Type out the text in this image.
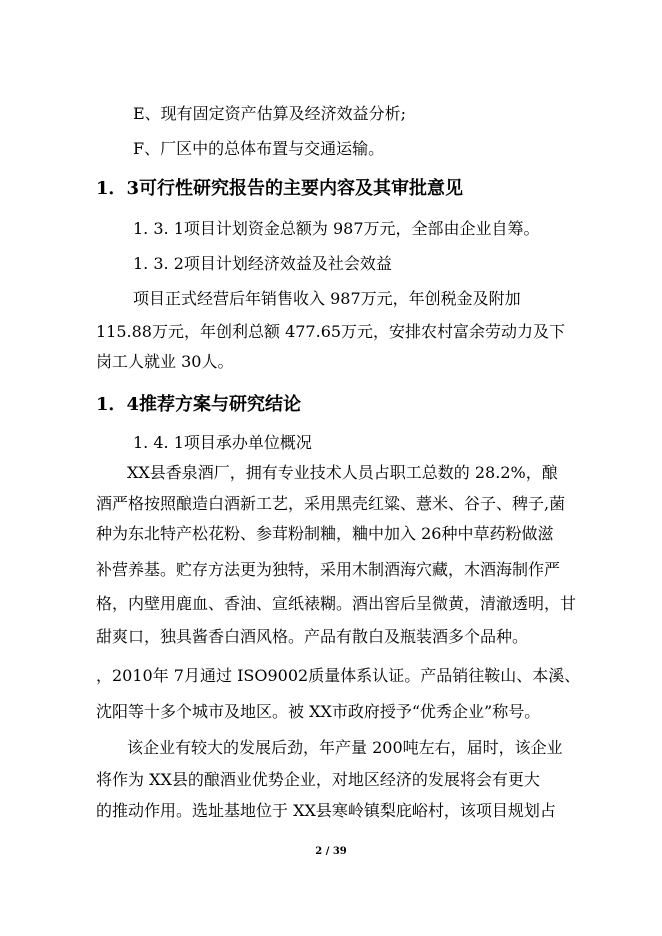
E、现有固定资产估算及经济效益分析;
F、厂区中的总体布置与交通运输。
1．3可行性研究报告的主要内容及其审批意见
1. 3. 1项目计划资金总额为 987万元，全部由企业自筹。
1. 3. 2项目计划经济效益及社会效益
项目正式经营后年销售收入 987万元，年创税金及附加
115.88万元，年创利总额 477.65万元，安排农村富余劳动力及下
岗工人就业 30人。
1．4推荐方案与研究结论
1. 4. 1项目承办单位概况
XX县香泉酒厂，拥有专业技术人员占职工总数的 28.2%，酿
酒严格按照酿造白酒新工艺，采用黑壳红粱、薏米、谷子、稗子,菌
种为东北特产松花粉、参茸粉制粬，粬中加入 26种中草药粉做滋
补营养基。贮存方法更为独特，采用木制酒海穴藏，木酒海制作严
格，内壁用鹿血、香油、宣纸裱糊。酒出窖后呈微黄，清澈透明，甘
甜爽口，独具酱香白酒风格。产品有散白及瓶装酒多个品种。
，2010年 7月通过 ISO9002质量体系认证。产品销往鞍山、本溪、
沈阳等十多个城市及地区。被 XX市政府授予“优秀企业”称号。
该企业有较大的发展后劲，年产量 200吨左右，届时，该企业
将作为 XX县的酿酒业优势企业，对地区经济的发展将会有更大
的推动作用。选址基地位于 XX县寒岭镇梨庇峪村，该项目规划占
2 / 39
